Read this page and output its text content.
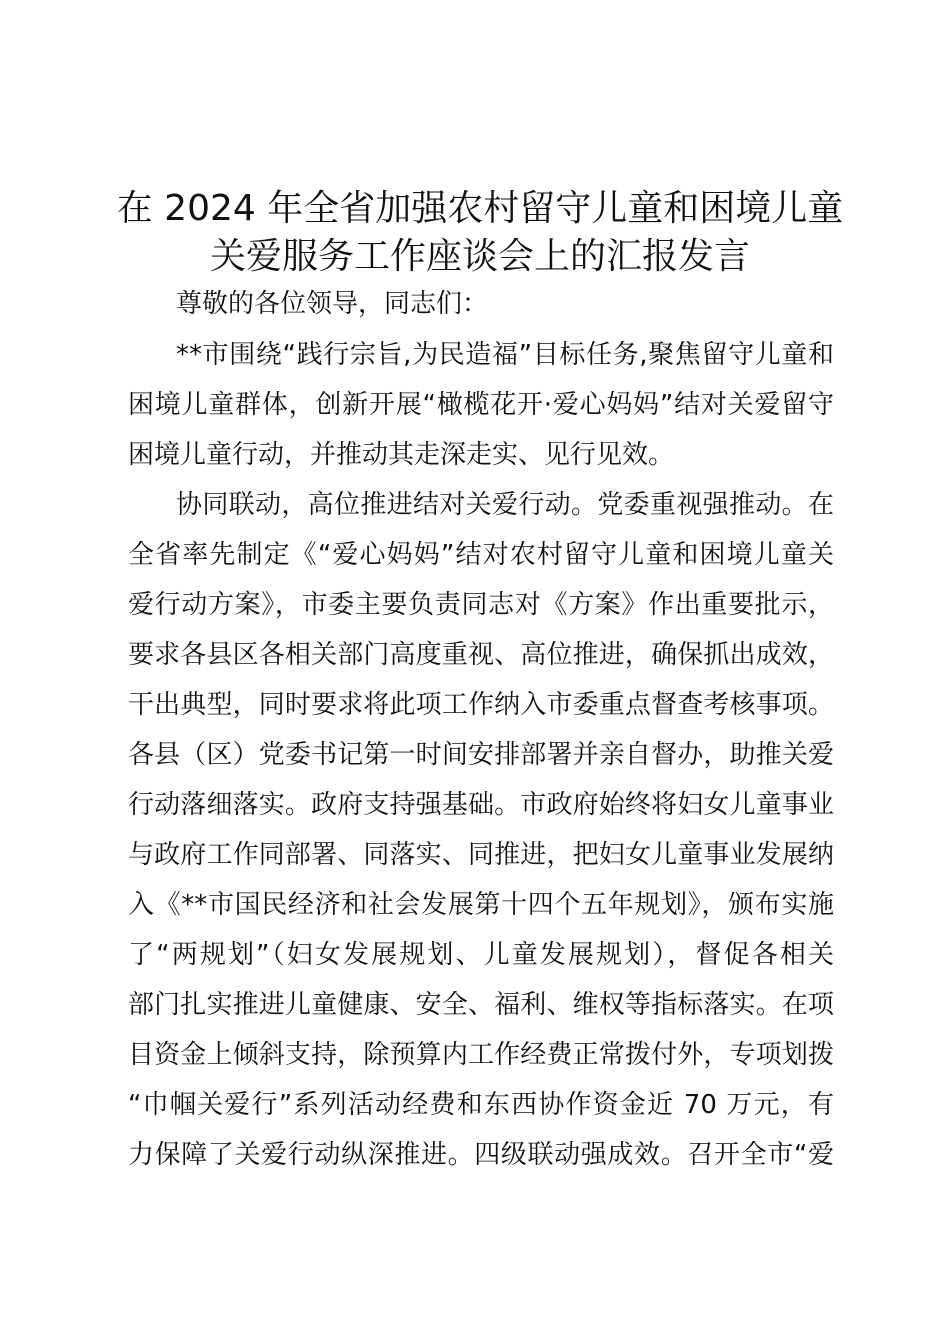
在 2024 年全省加强农村留守儿童和困境儿童
关爱服务工作座谈会上的汇报发言
尊敬的各位领导，同志们：
**市围绕“践行宗旨,为民造福”目标任务,聚焦留守儿童和
困境儿童群体，创新开展“橄榄花开·爱心妈妈”结对关爱留守
困境儿童行动，并推动其走深走实、见行见效。
协同联动，高位推进结对关爱行动。党委重视强推动。在
全省率先制定《“爱心妈妈”结对农村留守儿童和困境儿童关
爱行动方案》，市委主要负责同志对《方案》作出重要批示，
要求各县区各相关部门高度重视、高位推进，确保抓出成效，
干出典型，同时要求将此项工作纳入市委重点督查考核事项。
各县（区）党委书记第一时间安排部署并亲自督办，助推关爱
行动落细落实。政府支持强基础。市政府始终将妇女儿童事业
与政府工作同部署、同落实、同推进，把妇女儿童事业发展纳
入《**市国民经济和社会发展第十四个五年规划》，颁布实施
了“两规划”（妇女发展规划、儿童发展规划），督促各相关
部门扎实推进儿童健康、安全、福利、维权等指标落实。在项
目资金上倾斜支持，除预算内工作经费正常拨付外，专项划拨
“巾帼关爱行”系列活动经费和东西协作资金近 70 万元，有
力保障了关爱行动纵深推进。四级联动强成效。召开全市“爱
